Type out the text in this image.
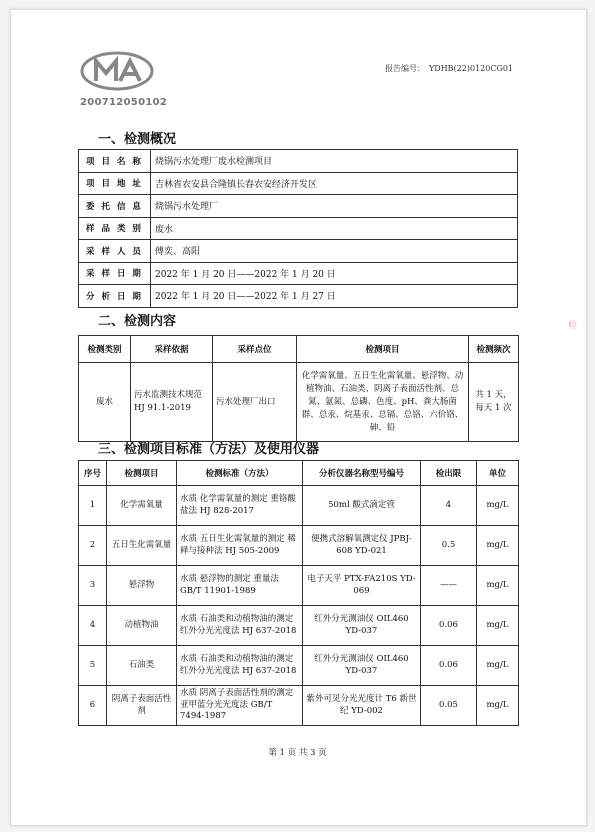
200712050102
报告编号： YDHB(22)0120CG01
一、检测概况
项 目 名 称	烧锅污水处理厂废水检测项目
项 目 地 址	吉林省农安县合隆镇长春农安经济开发区
委 托 信 息	烧锅污水处理厂
样 品 类 别	废水
采 样 人 员	傅奕、高阳
采 样 日 期	2022 年 1 月 20 日——2022 年 1 月 20 日
分 析 日 期	2022 年 1 月 20 日——2022 年 1 月 27 日
二、检测内容
检测类别	采样依据	采样点位	检测项目	检测频次
废水	污水监测技术规范 HJ 91.1-2019	污水处理厂出口	化学需氧量、五日生化需氧量、悬浮物、动植物油、石油类、阴离子表面活性剂、总氮、氨氮、总磷、色度、pH、粪大肠菌群、总汞、烷基汞、总镉、总铬、六价铬、砷、铅	共 1 天，每天 1 次
三、检测项目标准（方法）及使用仪器
序号	检测项目	检测标准（方法）	分析仪器名称型号编号	检出限	单位
1	化学需氧量	水质 化学需氧量的测定 重铬酸盐法 HJ 828-2017	50ml 酸式滴定管	4	mg/L
2	五日生化需氧量	水质 五日生化需氧量的测定 稀释与接种法 HJ 505-2009	便携式溶解氧测定仪 JPBJ-608 YD-021	0.5	mg/L
3	悬浮物	水质 悬浮物的测定 重量法 GB/T 11901-1989	电子天平 PTX-FA210S YD-069	——	mg/L
4	动植物油	水质 石油类和动植物油的测定 红外分光光度法 HJ 637-2018	红外分光测油仪 OIL460 YD-037	0.06	mg/L
5	石油类	水质 石油类和动植物油的测定 红外分光光度法 HJ 637-2018	红外分光测油仪 OIL460 YD-037	0.06	mg/L
6	阴离子表面活性剂	水质 阴离子表面活性剂的测定 亚甲蓝分光光度法 GB/T 7494-1987	紫外可见分光光度计 T6 新世纪 YD-002	0.05	mg/L
第 1 页 共 3 页
检
